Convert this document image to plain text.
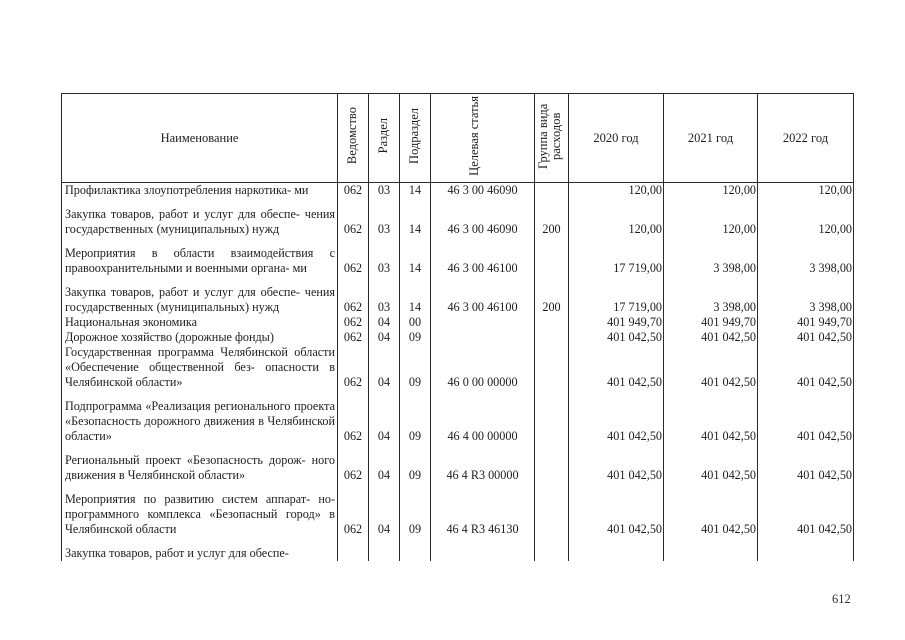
Наименование	Ведомство	Раздел	Подраздел	Целевая статья	Группа вида расходов	2020 год	2021 год	2022 год
Профилактика злоупотребления наркотика- ми	062	03	14	46 3 00 46090		120,00	120,00	120,00
Закупка товаров, работ и услуг для обеспе- чения государственных (муниципальных) нужд	062	03	14	46 3 00 46090	200	120,00	120,00	120,00
Мероприятия в области взаимодействия с правоохранительными и военными органа- ми	062	03	14	46 3 00 46100		17 719,00	3 398,00	3 398,00
Закупка товаров, работ и услуг для обеспе- чения государственных (муниципальных) нужд	062	03	14	46 3 00 46100	200	17 719,00	3 398,00	3 398,00
Национальная экономика	062	04	00			401 949,70	401 949,70	401 949,70
Дорожное хозяйство (дорожные фонды)	062	04	09			401 042,50	401 042,50	401 042,50
Государственная программа Челябинской области «Обеспечение общественной без- опасности в Челябинской области»	062	04	09	46 0 00 00000		401 042,50	401 042,50	401 042,50
Подпрограмма «Реализация регионального проекта «Безопасность дорожного движения в Челябинской области»	062	04	09	46 4 00 00000		401 042,50	401 042,50	401 042,50
Региональный проект «Безопасность дорож- ного движения в Челябинской области»	062	04	09	46 4 R3 00000		401 042,50	401 042,50	401 042,50
Мероприятия по развитию систем аппарат- но-программного комплекса «Безопасный город» в Челябинской области	062	04	09	46 4 R3 46130		401 042,50	401 042,50	401 042,50
Закупка товаров, работ и услуг для обеспе-								
612
